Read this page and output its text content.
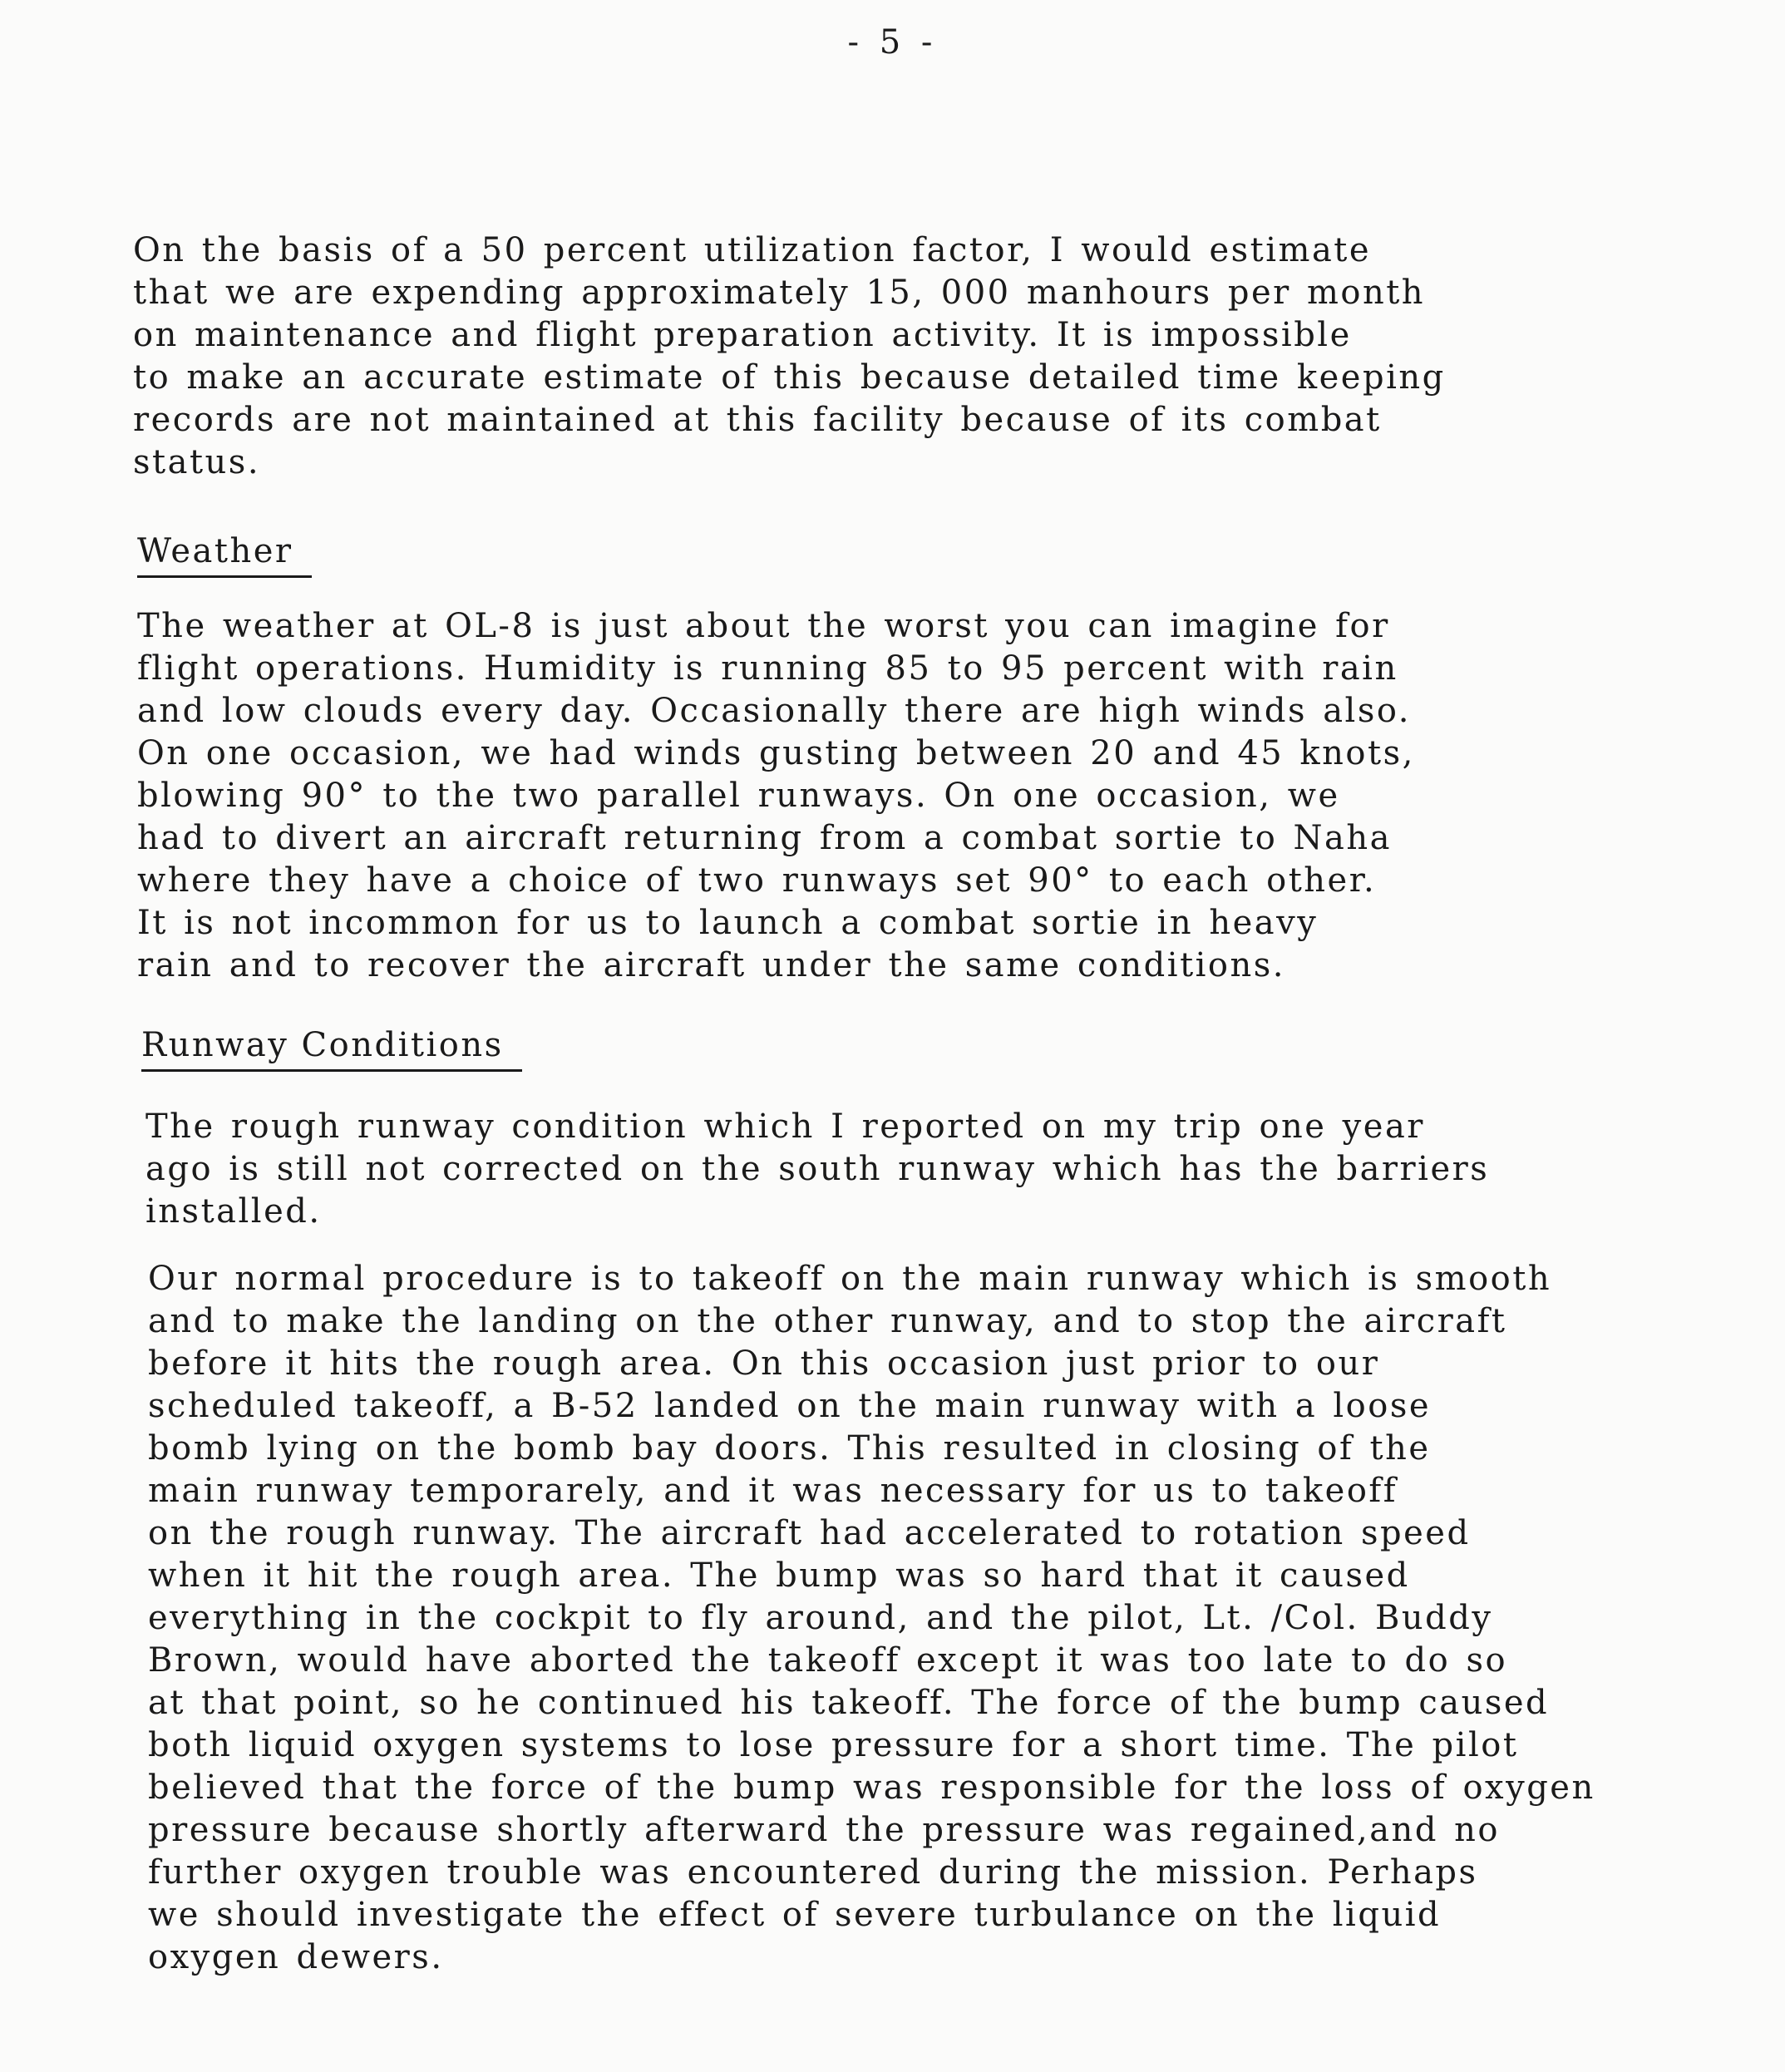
- 5 -
On the basis of a 50 percent utilization factor, I would estimate
that we are expending approximately 15, 000 manhours per month
on maintenance and flight preparation activity. It is impossible
to make an accurate estimate of this because detailed time keeping
records are not maintained at this facility because of its combat
status.
Weather
The weather at OL-8 is just about the worst you can imagine for
flight operations. Humidity is running 85 to 95 percent with rain
and low clouds every day. Occasionally there are high winds also.
On one occasion, we had winds gusting between 20 and 45 knots,
blowing 90° to the two parallel runways. On one occasion, we
had to divert an aircraft returning from a combat sortie to Naha
where they have a choice of two runways set 90° to each other.
It is not incommon for us to launch a combat sortie in heavy
rain and to recover the aircraft under the same conditions.
Runway Conditions
The rough runway condition which I reported on my trip one year
ago is still not corrected on the south runway which has the barriers
installed.
Our normal procedure is to takeoff on the main runway which is smooth
and to make the landing on the other runway, and to stop the aircraft
before it hits the rough area. On this occasion just prior to our
scheduled takeoff, a B-52 landed on the main runway with a loose
bomb lying on the bomb bay doors. This resulted in closing of the
main runway temporarely, and it was necessary for us to takeoff
on the rough runway. The aircraft had accelerated to rotation speed
when it hit the rough area. The bump was so hard that it caused
everything in the cockpit to fly around, and the pilot, Lt. /Col. Buddy
Brown, would have aborted the takeoff except it was too late to do so
at that point, so he continued his takeoff. The force of the bump caused
both liquid oxygen systems to lose pressure for a short time. The pilot
believed that the force of the bump was responsible for the loss of oxygen
pressure because shortly afterward the pressure was regained,and no
further oxygen trouble was encountered during the mission. Perhaps
we should investigate the effect of severe turbulance on the liquid
oxygen dewers.
